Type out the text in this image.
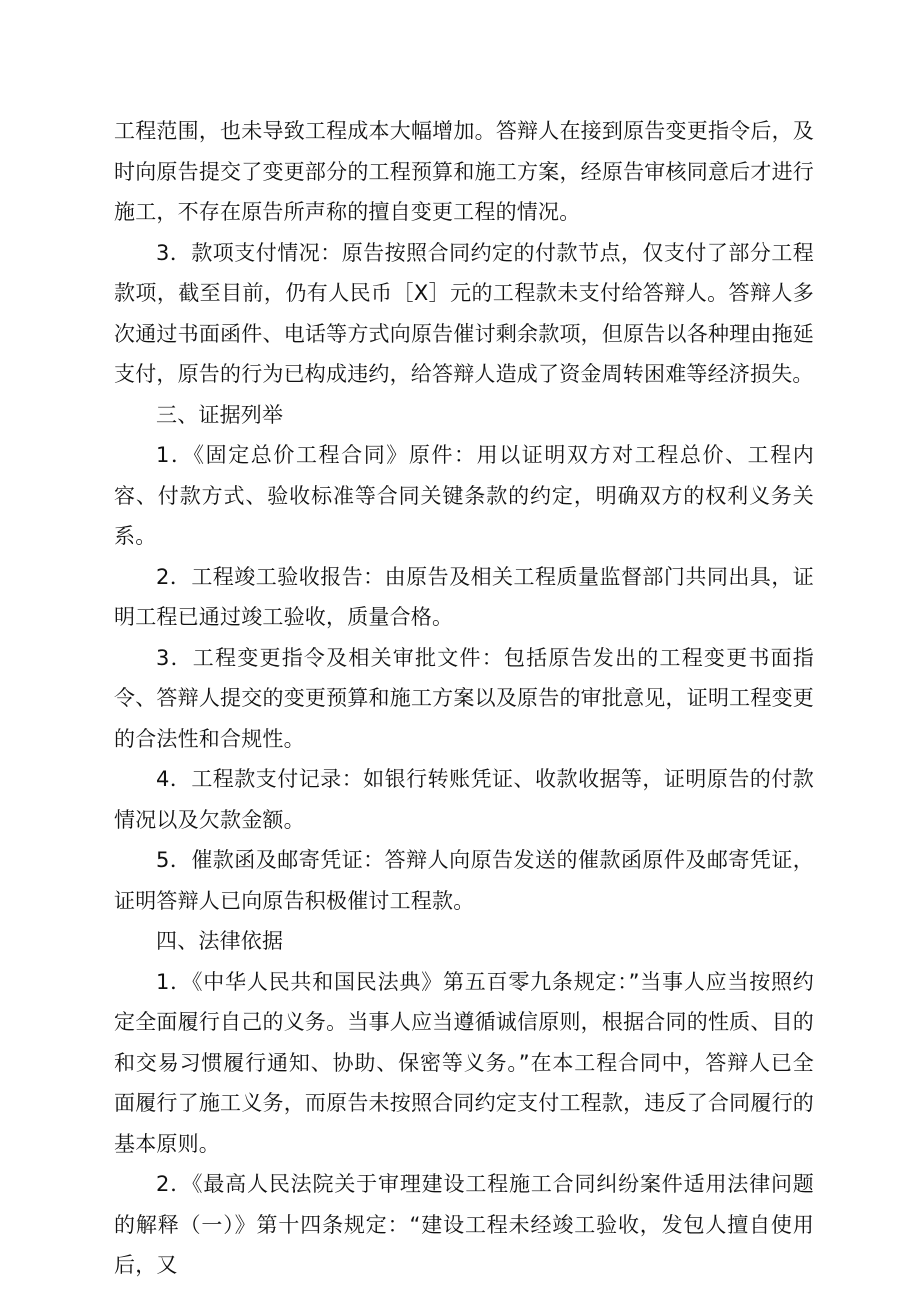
工程范围，也未导致工程成本大幅增加。答辩人在接到原告变更指令后，及时向原告提交了变更部分的工程预算和施工方案，经原告审核同意后才进行施工，不存在原告所声称的擅自变更工程的情况。

3．款项支付情况：原告按照合同约定的付款节点，仅支付了部分工程款项，截至目前，仍有人民币［X］元的工程款未支付给答辩人。答辩人多次通过书面函件、电话等方式向原告催讨剩余款项，但原告以各种理由拖延支付，原告的行为已构成违约，给答辩人造成了资金周转困难等经济损失。

三、证据列举

1．《固定总价工程合同》原件：用以证明双方对工程总价、工程内容、付款方式、验收标准等合同关键条款的约定，明确双方的权利义务关系。

2．工程竣工验收报告：由原告及相关工程质量监督部门共同出具，证明工程已通过竣工验收，质量合格。

3．工程变更指令及相关审批文件：包括原告发出的工程变更书面指令、答辩人提交的变更预算和施工方案以及原告的审批意见，证明工程变更的合法性和合规性。

4．工程款支付记录：如银行转账凭证、收款收据等，证明原告的付款情况以及欠款金额。

5．催款函及邮寄凭证：答辩人向原告发送的催款函原件及邮寄凭证，证明答辩人已向原告积极催讨工程款。

四、法律依据

1．《中华人民共和国民法典》第五百零九条规定：”当事人应当按照约定全面履行自己的义务。当事人应当遵循诚信原则，根据合同的性质、目的和交易习惯履行通知、协助、保密等义务。”在本工程合同中，答辩人已全面履行了施工义务，而原告未按照合同约定支付工程款，违反了合同履行的基本原则。

2．《最高人民法院关于审理建设工程施工合同纠纷案件适用法律问题的解释（一）》第十四条规定：“建设工程未经竣工验收，发包人擅自使用后，又
